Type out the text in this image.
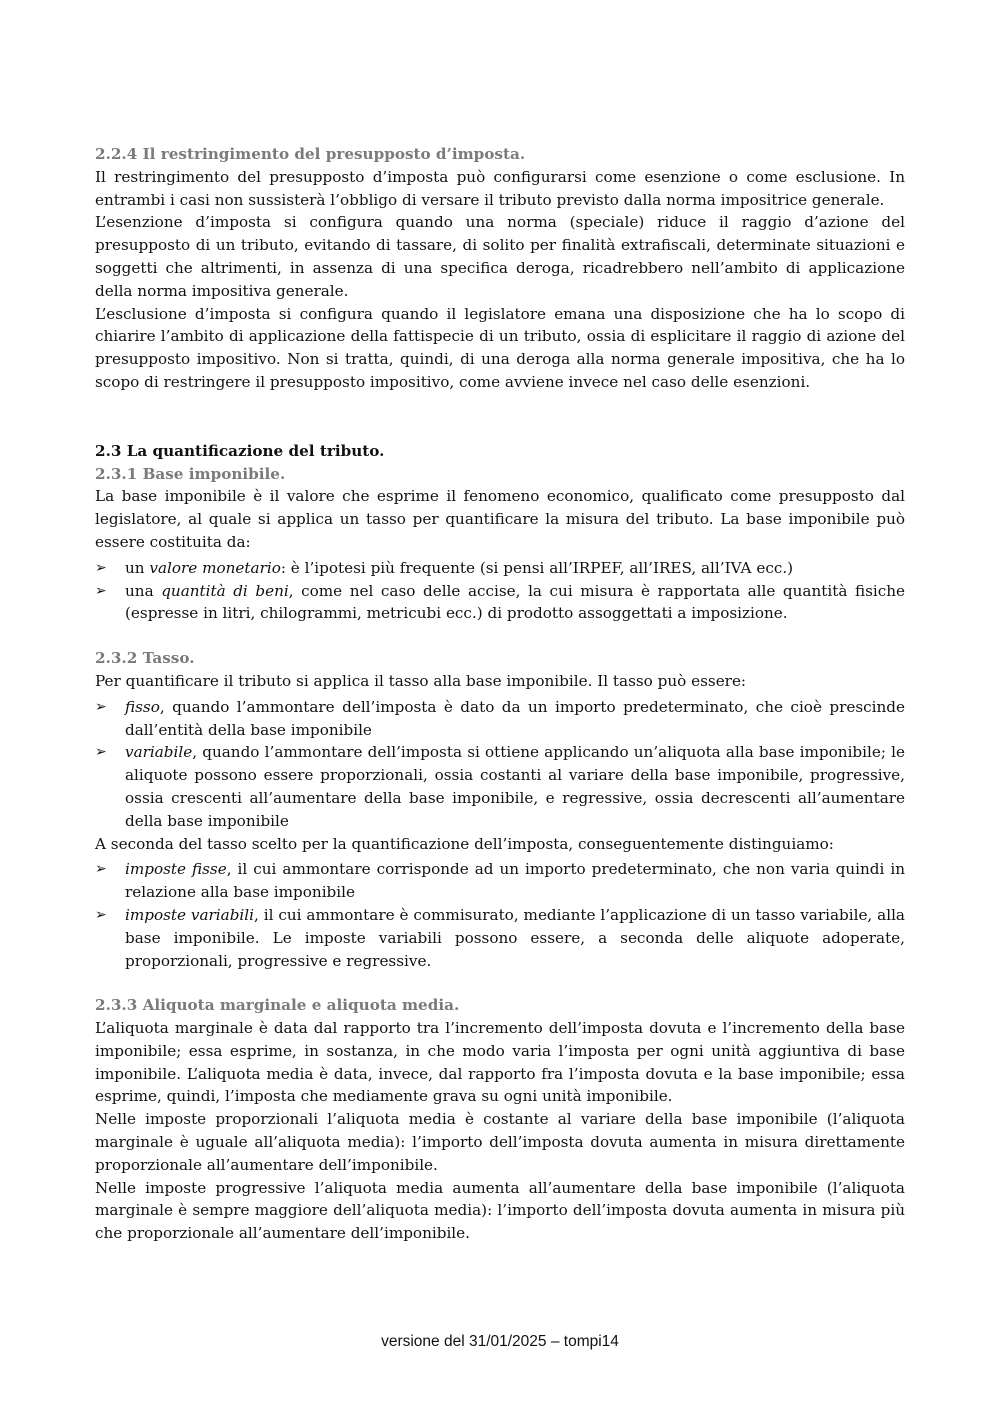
2.2.4 Il restringimento del presupposto d’imposta.

Il restringimento del presupposto d’imposta può configurarsi come esenzione o come esclusione. In entrambi i casi non sussisterà l’obbligo di versare il tributo previsto dalla norma impositrice generale.

L’esenzione d’imposta si configura quando una norma (speciale) riduce il raggio d’azione del presupposto di un tributo, evitando di tassare, di solito per finalità extrafiscali, determinate situazioni e soggetti che altrimenti, in assenza di una specifica deroga, ricadrebbero nell’ambito di applicazione della norma impositiva generale.

L’esclusione d’imposta si configura quando il legislatore emana una disposizione che ha lo scopo di chiarire l’ambito di applicazione della fattispecie di un tributo, ossia di esplicitare il raggio di azione del presupposto impositivo. Non si tratta, quindi, di una deroga alla norma generale impositiva, che ha lo scopo di restringere il presupposto impositivo, come avviene invece nel caso delle esenzioni.

2.3 La quantificazione del tributo.
2.3.1 Base imponibile.

La base imponibile è il valore che esprime il fenomeno economico, qualificato come presupposto dal legislatore, al quale si applica un tasso per quantificare la misura del tributo. La base imponibile può essere costituita da:

➢ un valore monetario: è l’ipotesi più frequente (si pensi all’IRPEF, all’IRES, all’IVA ecc.)
➢ una quantità di beni, come nel caso delle accise, la cui misura è rapportata alle quantità fisiche (espresse in litri, chilogrammi, metricubi ecc.) di prodotto assoggettati a imposizione.
2.3.2 Tasso.

Per quantificare il tributo si applica il tasso alla base imponibile. Il tasso può essere:

➢ fisso, quando l’ammontare dell’imposta è dato da un importo predeterminato, che cioè prescinde dall’entità della base imponibile
➢ variabile, quando l’ammontare dell’imposta si ottiene applicando un’aliquota alla base imponibile; le aliquote possono essere proporzionali, ossia costanti al variare della base imponibile, progressive, ossia crescenti all’aumentare della base imponibile, e regressive, ossia decrescenti all’aumentare della base imponibile

A seconda del tasso scelto per la quantificazione dell’imposta, conseguentemente distinguiamo:

➢ imposte fisse, il cui ammontare corrisponde ad un importo predeterminato, che non varia quindi in relazione alla base imponibile
➢ imposte variabili, il cui ammontare è commisurato, mediante l’applicazione di un tasso variabile, alla base imponibile. Le imposte variabili possono essere, a seconda delle aliquote adoperate, proporzionali, progressive e regressive.
2.3.3 Aliquota marginale e aliquota media.

L’aliquota marginale è data dal rapporto tra l’incremento dell’imposta dovuta e l’incremento della base imponibile; essa esprime, in sostanza, in che modo varia l’imposta per ogni unità aggiuntiva di base imponibile. L’aliquota media è data, invece, dal rapporto fra l’imposta dovuta e la base imponibile; essa esprime, quindi, l’imposta che mediamente grava su ogni unità imponibile.

Nelle imposte proporzionali l’aliquota media è costante al variare della base imponibile (l’aliquota marginale è uguale all’aliquota media): l’importo dell’imposta dovuta aumenta in misura direttamente proporzionale all’aumentare dell’imponibile.

Nelle imposte progressive l’aliquota media aumenta all’aumentare della base imponibile (l’aliquota marginale è sempre maggiore dell’aliquota media): l’importo dell’imposta dovuta aumenta in misura più che proporzionale all’aumentare dell’imponibile.

versione del 31/01/2025 – tompi14
